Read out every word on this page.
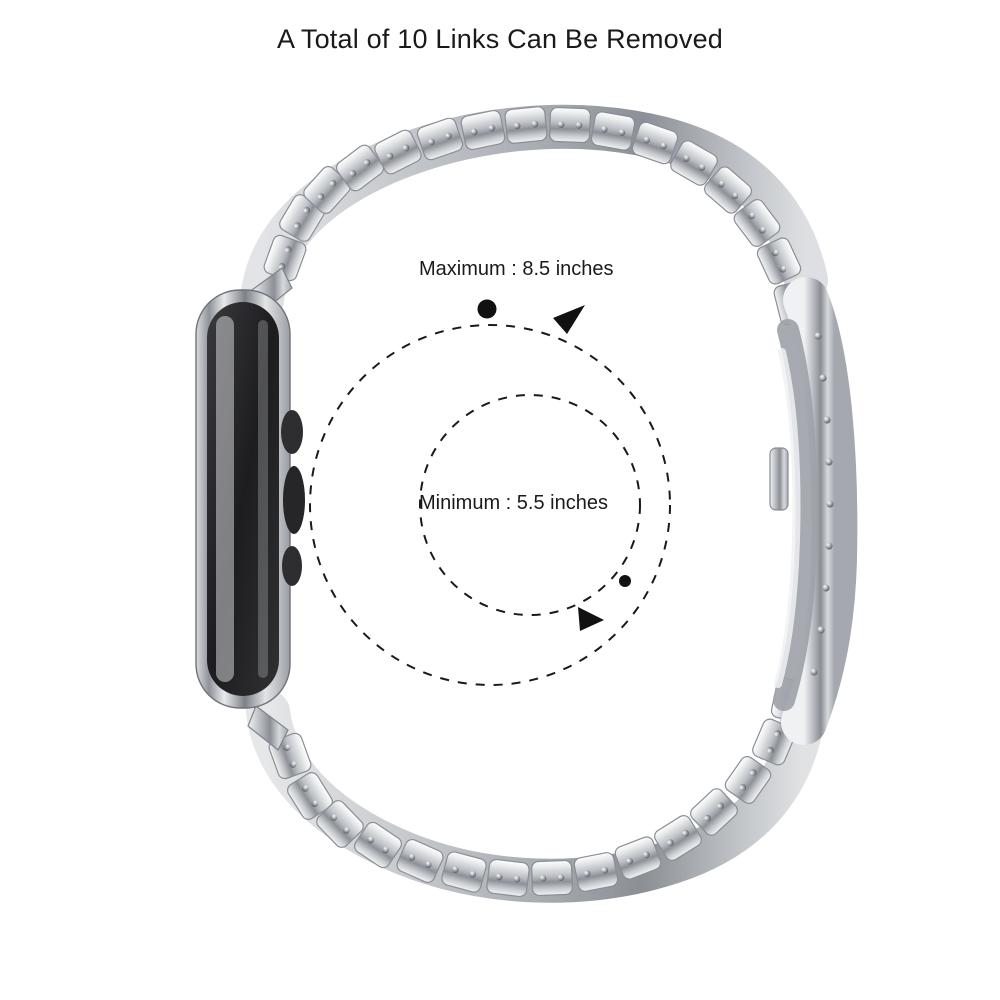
A Total of 10 Links Can Be Removed
Maximum : 8.5 inches
Minimum : 5.5 inches
